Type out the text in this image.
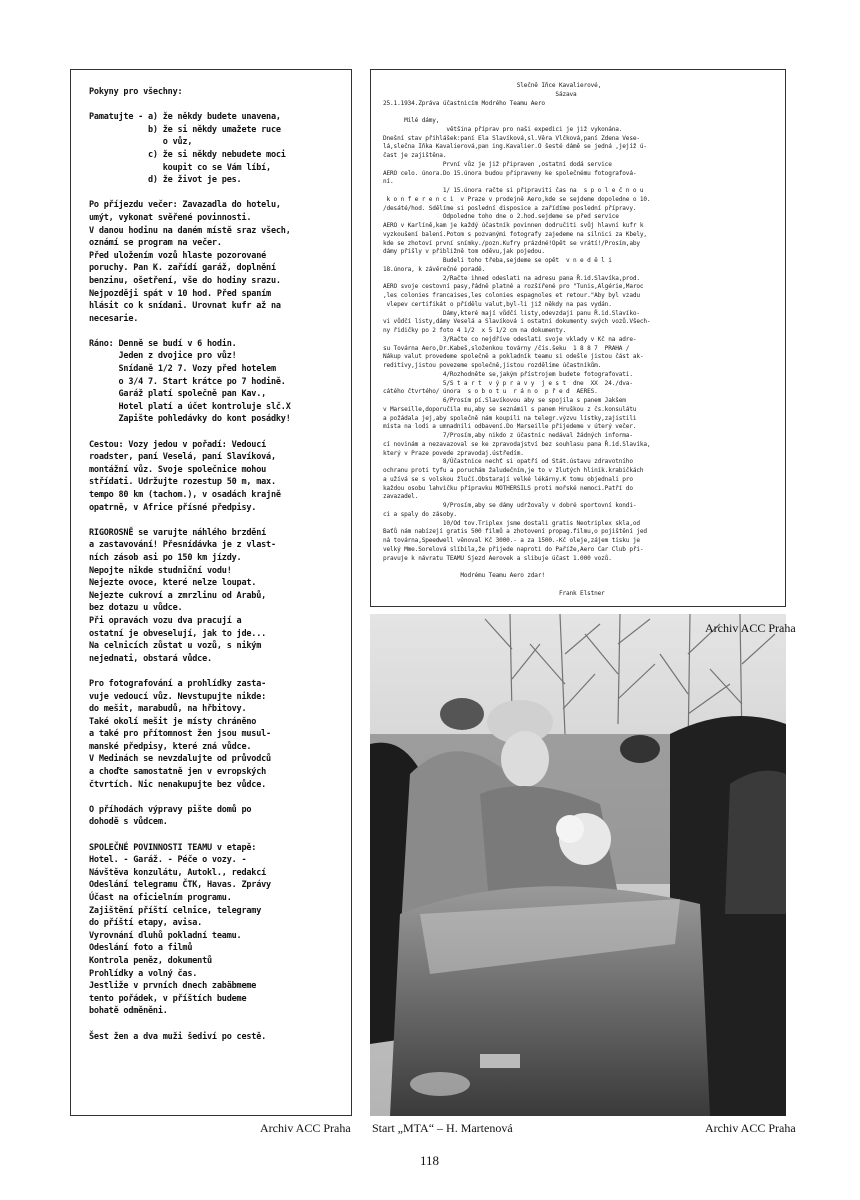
Pokyny pro všechny:

Pamatujte - a) že někdy budete unavena,
b) že si někdy umažete ruce
o vůz,
c) že si někdy nebudete moci
koupit co se Vám líbí,
d) že život je pes.

Po příjezdu večer: Zavazadla do hotelu,
umýt, vykonat svěřené povinnosti.
V danou hodinu na daném místě sraz všech,
oznámí se program na večer.
Před uložením vozů hlaste pozorované
poruchy. Pan K. zařídí garáž, doplnění
benzinu, ošetření, vše do hodiny srazu.
Nejpozději spát v 10 hod. Před spaním
hlásit co k snídani. Urovnat kufr až na
necesarie.

Ráno: Denně se budí v 6 hodin.
Jeden z dvojice pro vůz!
Snídaně 1/2 7. Vozy před hotelem
o 3/4 7. Start krátce po 7 hodině.
Garáž platí společně pan Kav.,
Hotel platí a účet kontroluje slč.X
Zapište pohledávky do kont posádky!

Cestou: Vozy jedou v pořadí: Vedoucí
roadster, paní Veselá, paní Slavíková,
montážní vůz. Svoje společnice mohou
střídati. Udržujte rozestup 50 m, max.
tempo 80 km (tachom.), v osadách krajně
opatrně, v Africe přísné předpisy.

RIGOROSNĚ se varujte náhlého brzdění
a zastavování! Přesnídávka je z vlast-
ních zásob asi po 150 km jízdy.
Nepojte nikde studniční vodu!
Nejezte ovoce, které nelze loupat.
Nejezte cukroví a zmrzlinu od Arabů,
bez dotazu u vůdce.
Při opravách vozu dva pracují a
ostatní je obveselují, jak to jde...
Na celnicích zůstat u vozů, s nikým
nejednati, obstará vůdce.

Pro fotografování a prohlídky zasta-
vuje vedoucí vůz. Nevstupujte nikde:
do mešit, marabudů, na hřbitovy.
Také okolí mešit je místy chráněno
a také pro přítomnost žen jsou musul-
manské předpisy, které zná vůdce.
V Medinách se nevzdalujte od průvodců
a choďte samostatně jen v evropských
čtvrtích. Nic nenakupujte bez vůdce.

O příhodách výpravy pište domů po
dohodě s vůdcem.

SPOLEČNÉ POVINNOSTI TEAMU v etapě:
Hotel. - Garáž. - Péče o vozy. -
Návštěva konzulátu, Autokl., redakcí
Odeslání telegramu ČTK, Havas. Zprávy
Účast na oficielním programu.
Zajištění příští celnice, telegramy
do příští etapy, avisa.
Vyrovnání dluhů pokladní teamu.
Odeslání foto a filmů
Kontrola peněz, dokumentů
Prohlídky a volný čas.
Jestliže v prvních dnech zabäbmeme
tento pořádek, v příštích budeme
bohatě odměněni.

Šest žen a dva muži šediví po cestě.
Slečně Iňce Kavalierové,
Sázava
25.1.1934.Zpráva účastnicím Modrého Teamu Aero

Milé dámy,
většina příprav pro naši expedici je již vykonána.
Dnešní stav přihlášek:paní Ela Slavíková,sl.Věra Vlčková,paní Zdena Vese-
lá,slečna Iňka Kavalierová,pan ing.Kavalier.O šesté dámě se jedná ,jejíž ú-
čast je zajištěna.
První vůz je již připraven ,ostatní dodá service
AERO celo. února.Do 15.února budou připraveny ke společnému fotografová-
ní.
1/ 15.února račte si připraviti čas na  s p o l e č n o u
k o n f e r e n c i  v Praze v prodejně Aero,kde se sejdeme dopoledne o 10.
/desáté/hod. Sdělíme si poslední disposice a zařídíme poslední přípravy.
Odpoledne toho dne o 2.hod.sejdeme se před service
AERO v Karlíně,kam je každý účastník povinnen dodručiti svůj hlavní kufr k
vyzkoušení balení.Potom s pozvanými fotografy zajedeme na silnici za Kbely,
kde se zhotoví první snímky./pozn.Kufry prázdné!Opět se vrátí!/Prosím,aby
dámy přišly v přibližně tom oděvu,jak pojedou.
Budeli toho třeba,sejdeme se opět  v n e d ě l i
18.února, k závěrečné poradě.
2/Račte ihned odeslati na adresu pana Ř.id.Slavíka,prod.
AERO svoje cestovní pasy,řádně platné a rozšířené pro "Tunis,Algérie,Maroc
,les colonies francaises,les colonies espagnoles et retour."Aby byl vzadu
vlepev certifikát o přídělu valut,byl-li již někdy na pas vydán.
Dámy,které mají vůdčí listy,odevzdají panu Ř.id.Slavíko-
vi vůdčí listy,dámy Veselá a Slavíková i ostatní dokumenty svých vozů.Všech-
ny řidičky po 2 foto 4 1/2  x 5 1/2 cm na dokumenty.
3/Račte co nejdříve odeslati svoje vklady v Kč na adre-
su Továrna Aero,Dr.Kabeš,složenkou továrny /čís.šeku  1 8 8 7  PRAHA /
Nákup valut provedeme společně a pokladník teamu si odešle jistou část ak-
reditivy,jistou povezeme společně,jistou rozdělíme účastníkům.
4/Rozhodněte se,jakým přístrojem budete fotografovati.
5/S t a r t  v ý p r a v y  j e s t  dne  XX  24./dva-
cátého čtvrtého/ února  s o b o t u  r á n o  p ř e d  AERES.
6/Prosím pí.Slavíkovou aby se spojila s panem Jakšem
v Marseille,doporučila mu,aby se seznámil s panem Hruškou z čs.konsulátu
a požádala jej,aby společně nám koupili na telegr.výzvu lístky,zajistili
místa na lodi a umnadnili odbavení.Do Marseille přijedeme v úterý večer.
7/Prosím,aby nikdo z účastnic nedával žádných informa-
cí novinám a nezavazoval se ke zpravodajství bez souhlasu pana Ř.id.Slavíka,
který v Praze povede zpravodaj.ústředím.
8/Účastnice nechť si opatří od Stát.ústavu zdravotního
ochranu proti tyfu a poruchám žaludečním,je to v žlutých hliník.krabičkách
a užívá se s volskou žlučí.Obstarají velké lékárny.K tomu objednali pro
každou osobu lahvičku přípravku MOTHERSILS proti mořské nemoci.Patří do
zavazadel.
9/Prosím,aby se dámy udržovaly v dobré sportovní kondi-
ci a spaly do zásoby.
10/Od tov.Triplex jsme dostali gratis Neotriplex skla,od
Baťů nám nabízejí gratis 500 filmů a zhotovení propag.filmu,o pojištění jed
ná továrna,Speedwell věnoval Kč 3000.- a za 1500.-Kč oleje,zájem tisku je
velký Mme.Sorelová slíbila,že přijede naproti do Paříže,Aero Car Club při-
pravuje k návratu TEAMU Sjezd Aerovek a slibuje účast 1.000 vozů.

Modrému Teamu Aero zdar!

Frank Elstner
Archiv ACC Praha
Archiv ACC Praha Start „MTA“ – H. Martenová	Archiv ACC Praha
118
